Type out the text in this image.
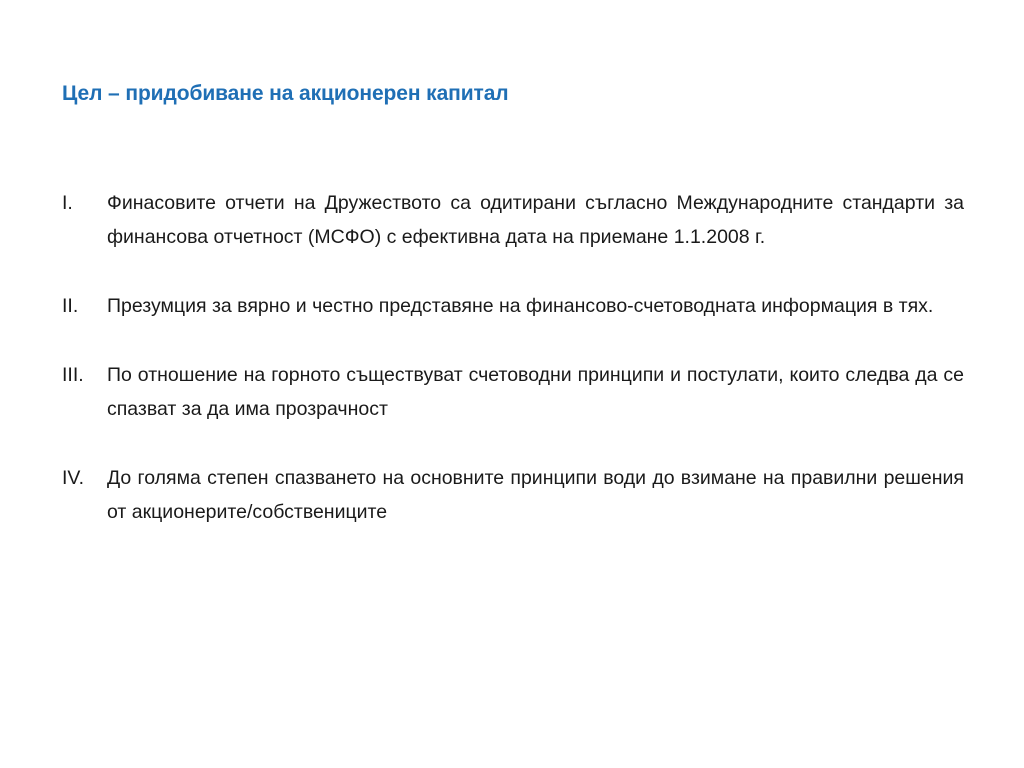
Цел – придобиване на акционерен капитал
I. Финасовите отчети на Дружеството са одитирани съгласно Международните стандарти за финансова отчетност (МСФО) с ефективна дата на приемане 1.1.2008 г.
II. Презумция за вярно и честно представяне на финансово-счетоводната информация в тях.
III. По отношение на горното съществуват счетоводни принципи и постулати, които следва да се спазват за да има прозрачност
IV. До голяма степен спазването на основните принципи води до взимане на правилни решения от акционерите/собствениците
